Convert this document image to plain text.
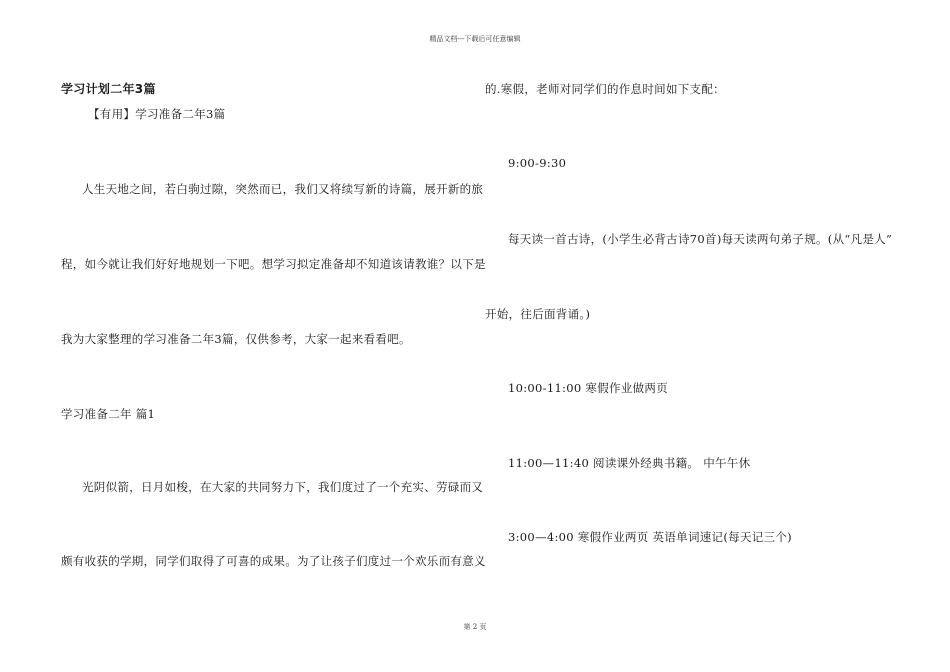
精品文档---下载后可任意编辑
学习计划二年3篇
【有用】学习准备二年3篇
人生天地之间，若白驹过隙，突然而已，我们又将续写新的诗篇，展开新的旅
程，如今就让我们好好地规划一下吧。想学习拟定准备却不知道该请教谁？以下是
我为大家整理的学习准备二年3篇，仅供参考，大家一起来看看吧。
学习准备二年 篇1
光阴似箭，日月如梭，在大家的共同努力下，我们度过了一个充实、劳碌而又
颇有收获的学期，同学们取得了可喜的成果。为了让孩子们度过一个欢乐而有意义
的.寒假，老师对同学们的作息时间如下支配：
9:00-9:30
每天读一首古诗，(小学生必背古诗70首)每天读两句弟子规。(从“凡是人”
开始，往后面背诵。)
10:00-11:00 寒假作业做两页
11:00—11:40 阅读课外经典书籍。 中午午休
3:00—4:00 寒假作业两页 英语单词速记(每天记三个)
第 2 页
